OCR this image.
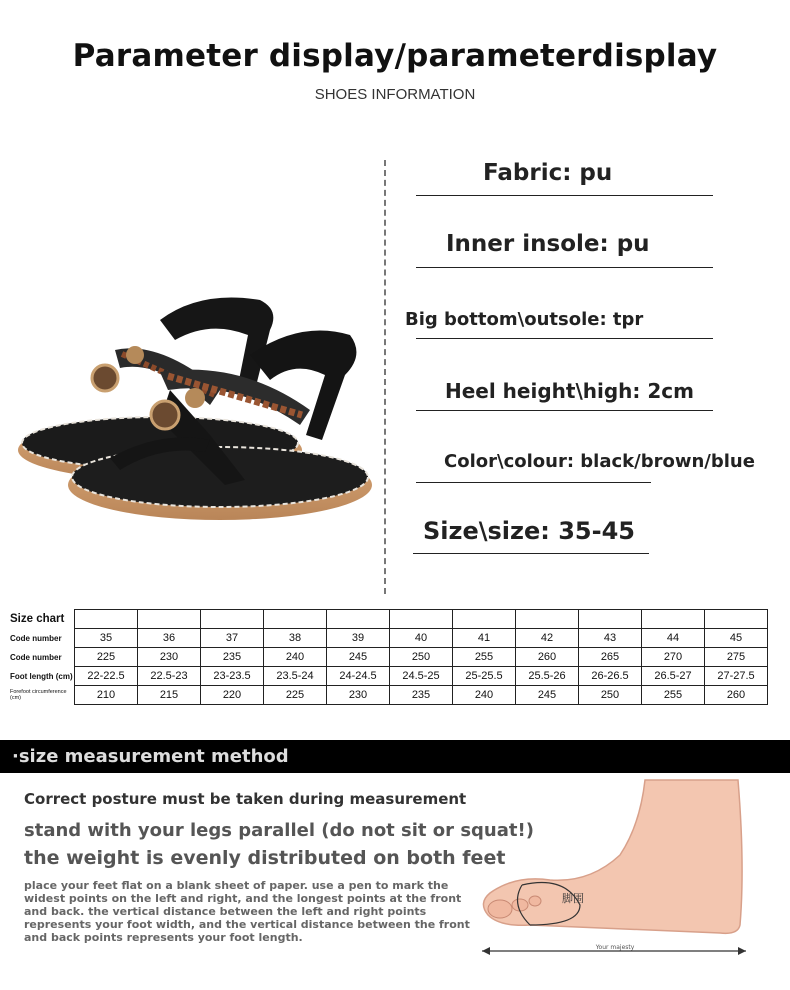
Parameter display/parameterdisplay
SHOES INFORMATION
Fabric: pu
Inner insole: pu
Big bottom\outsole: tpr
Heel height\high: 2cm
Color\colour: black/brown/blue
Size\size: 35-45
Size chart											
Code number	35	36	37	38	39	40	41	42	43	44	45
Code number	225	230	235	240	245	250	255	260	265	270	275
Foot length (cm)	22-22.5	22.5-23	23-23.5	23.5-24	24-24.5	24.5-25	25-25.5	25.5-26	26-26.5	26.5-27	27-27.5
Forefoot circumference (cm)	210	215	220	225	230	235	240	245	250	255	260
·size measurement method
Correct posture must be taken during measurement
stand with your legs parallel (do not sit or squat!)
the weight is evenly distributed on both feet
place your feet flat on a blank sheet of paper. use a pen to mark the widest points on the left and right, and the longest points at the front and back. the vertical distance between the left and right points represents your foot width, and the vertical distance between the front and back points represents your foot length.
脚围
Your majesty
